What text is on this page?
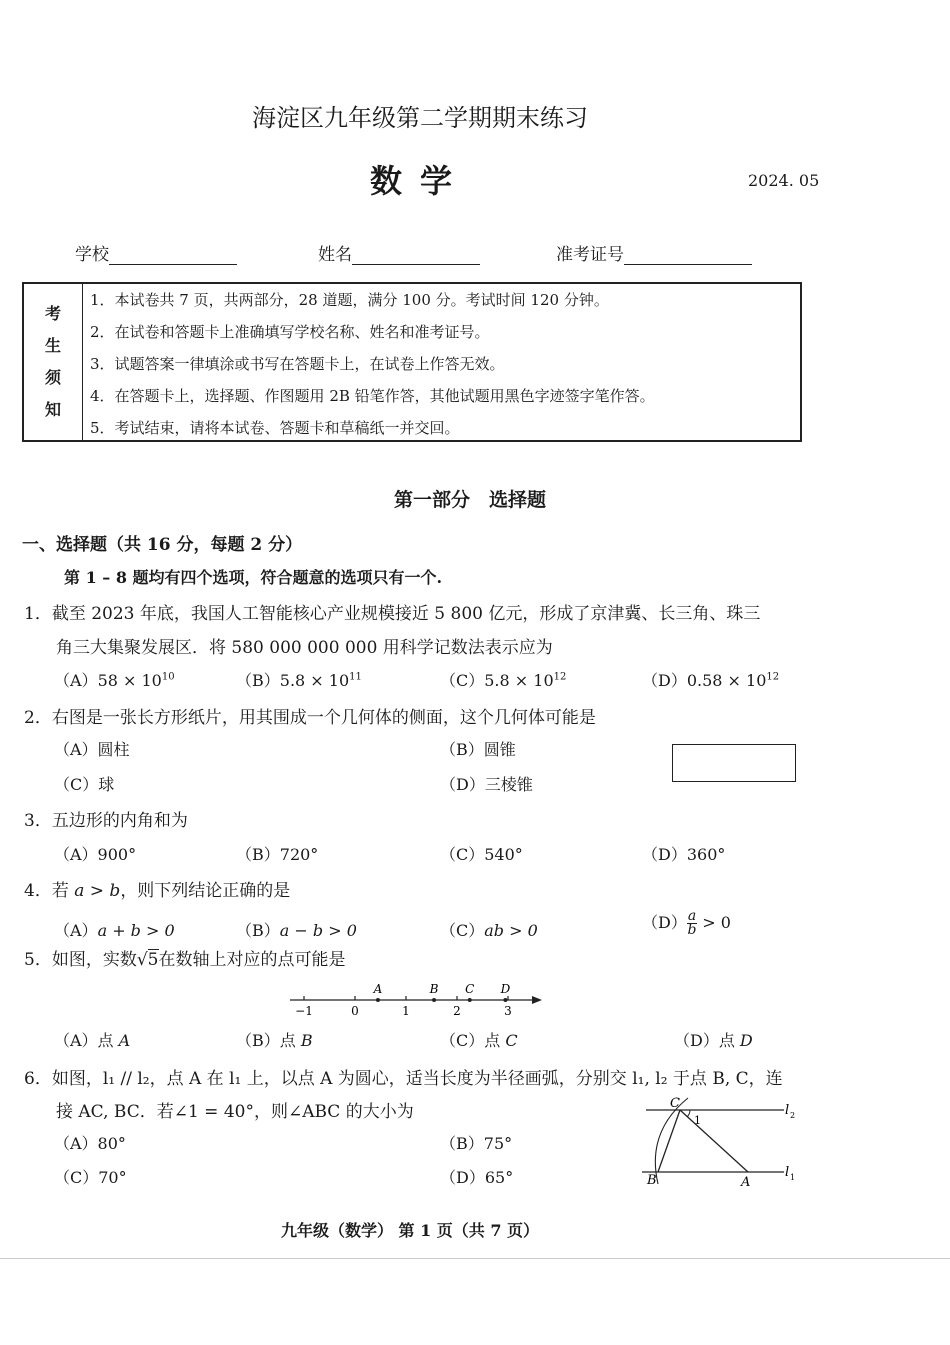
海淀区九年级第二学期期末练习
数学	2024. 05
学校	姓名	准考证号
考
生
须
知
1．本试卷共 7 页，共两部分，28 道题，满分 100 分。考试时间 120 分钟。
2．在试卷和答题卡上准确填写学校名称、姓名和准考证号。
3．试题答案一律填涂或书写在答题卡上，在试卷上作答无效。
4．在答题卡上，选择题、作图题用 2B 铅笔作答，其他试题用黑色字迹签字笔作答。
5．考试结束，请将本试卷、答题卡和草稿纸一并交回。
第一部分　选择题
一、选择题（共 16 分，每题 2 分）
第 1 – 8 题均有四个选项，符合题意的选项只有一个.
1．截至 2023 年底，我国人工智能核心产业规模接近 5 800 亿元，形成了京津冀、长三角、珠三
角三大集聚发展区．将 580 000 000 000 用科学记数法表示应为
$(A)58 \times 10^{10}$	$(B)5.8 \times 10^{11}$	$(C)5.8 \times 10^{12}$	$(D)0.58 \times 10^{12}$
2．右图是一张长方形纸片，用其围成一个几何体的侧面，这个几何体可能是
（A）圆柱	（B）圆锥
（C）球	（D）三棱锥
3．五边形的内角和为
（A）900°	（B）720°	（C）540°	（D）360°
4．若 a > b，则下列结论正确的是
（A）a + b > 0	（B）a − b > 0	（C）ab > 0	$(D) \frac{a}{b} > 0$
5．如图，实数√5在数轴上对应的点可能是
−1	0	1	2	3
A	B C D
（A）点 A	（B）点 B	（C）点 C	（D）点 D
6．如图，l₁ // l₂，点 A 在 l₁ 上，以点 A 为圆心，适当长度为半径画弧，分别交 l₁, l₂ 于点 B, C，连
接 AC, BC．若∠1 = 40°，则∠ABC 的大小为
（A）80°	（B）75°
（C）70°	（D）65°
C
1
B	A
l 2
l 1
九年级（数学） 第 1 页（共 7 页）
